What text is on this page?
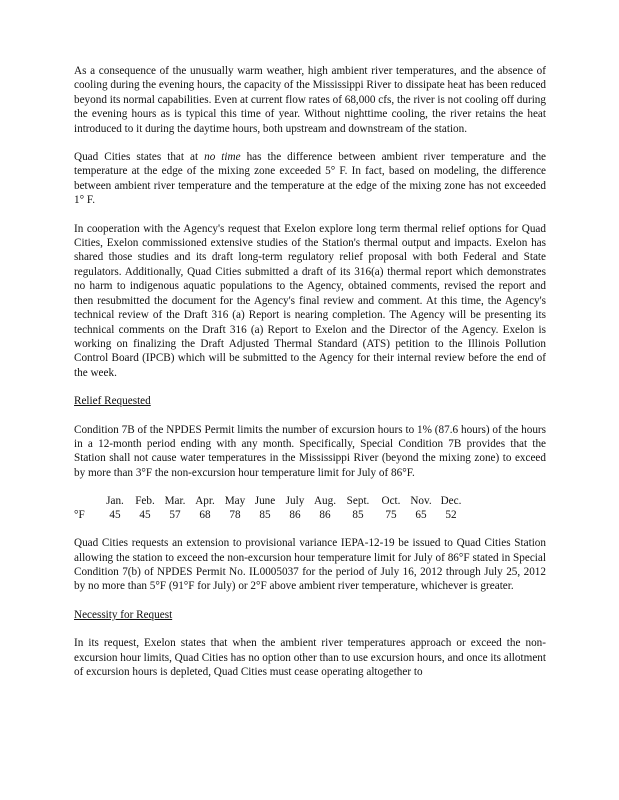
As a consequence of the unusually warm weather, high ambient river temperatures, and the absence of cooling during the evening hours, the capacity of the Mississippi River to dissipate heat has been reduced beyond its normal capabilities. Even at current flow rates of 68,000 cfs, the river is not cooling off during the evening hours as is typical this time of year. Without nighttime cooling, the river retains the heat introduced to it during the daytime hours, both upstream and downstream of the station.

Quad Cities states that at no time has the difference between ambient river temperature and the temperature at the edge of the mixing zone exceeded 5° F. In fact, based on modeling, the difference between ambient river temperature and the temperature at the edge of the mixing zone has not exceeded 1° F.

In cooperation with the Agency's request that Exelon explore long term thermal relief options for Quad Cities, Exelon commissioned extensive studies of the Station's thermal output and impacts. Exelon has shared those studies and its draft long-term regulatory relief proposal with both Federal and State regulators. Additionally, Quad Cities submitted a draft of its 316(a) thermal report which demonstrates no harm to indigenous aquatic populations to the Agency, obtained comments, revised the report and then resubmitted the document for the Agency's final review and comment. At this time, the Agency's technical review of the Draft 316 (a) Report is nearing completion. The Agency will be presenting its technical comments on the Draft 316 (a) Report to Exelon and the Director of the Agency. Exelon is working on finalizing the Draft Adjusted Thermal Standard (ATS) petition to the Illinois Pollution Control Board (IPCB) which will be submitted to the Agency for their internal review before the end of the week.

Relief Requested

Condition 7B of the NPDES Permit limits the number of excursion hours to 1% (87.6 hours) of the hours in a 12-month period ending with any month. Specifically, Special Condition 7B provides that the Station shall not cause water temperatures in the Mississippi River (beyond the mixing zone) to exceed by more than 3°F the non-excursion hour temperature limit for July of 86°F.

Jan.	Feb. Mar. Apr. May June July Aug. Sept.	Oct. Nov. Dec.
°F	45	45	57	68	78	85	86	86	85	75	65	52

Quad Cities requests an extension to provisional variance IEPA-12-19 be issued to Quad Cities Station allowing the station to exceed the non-excursion hour temperature limit for July of 86°F stated in Special Condition 7(b) of NPDES Permit No. IL0005037 for the period of July 16, 2012 through July 25, 2012 by no more than 5°F (91°F for July) or 2°F above ambient river temperature, whichever is greater.

Necessity for Request

In its request, Exelon states that when the ambient river temperatures approach or exceed the non-excursion hour limits, Quad Cities has no option other than to use excursion hours, and once its allotment of excursion hours is depleted, Quad Cities must cease operating altogether to
